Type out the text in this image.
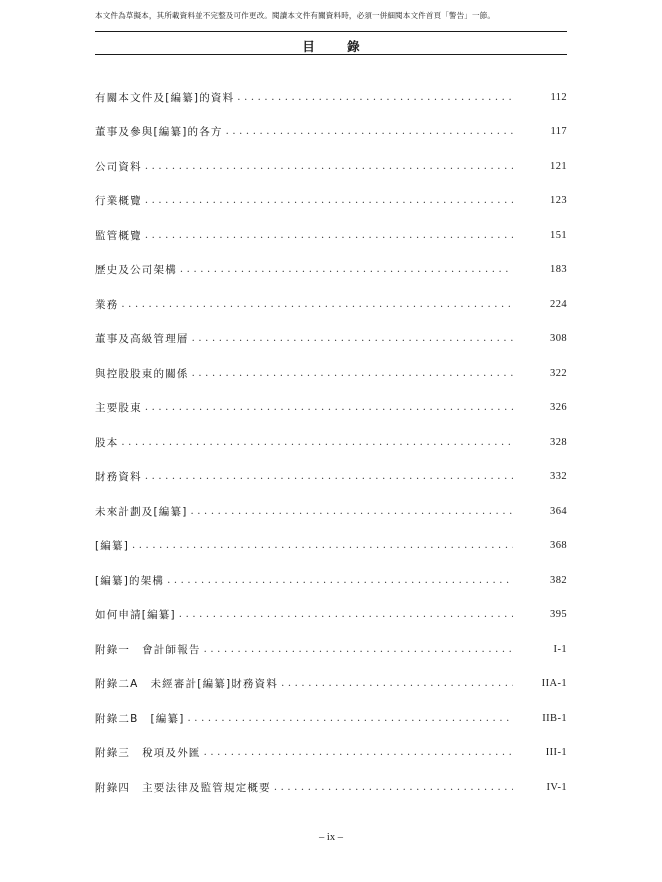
本文件為草擬本，其所載資料並不完整及可作更改。閱讀本文件有關資料時，必須一併細閱本文件首頁「警告」一節。
目 錄
有關本文件及[編纂]的資料 .....	112
董事及參與[編纂]的各方 .....	117
公司資料 .....	121
行業概覽 .....	123
監管概覽 .....	151
歷史及公司架構 .....	183
業務 .....	224
董事及高級管理層 .....	308
與控股股東的關係 .....	322
主要股東 .....	326
股本 .....	328
財務資料 .....	332
未來計劃及[編纂] .....	364
[編纂] .....	368
[編纂]的架構 .....	382
如何申請[編纂] .....	395
附錄一 會計師報告 .....	I-1
附錄二A 未經審計[編纂]財務資料 .....	IIA-1
附錄二B [編纂] .....	IIB-1
附錄三 稅項及外匯 .....	III-1
附錄四 主要法律及監管規定概要 .....	IV-1
– ix –
